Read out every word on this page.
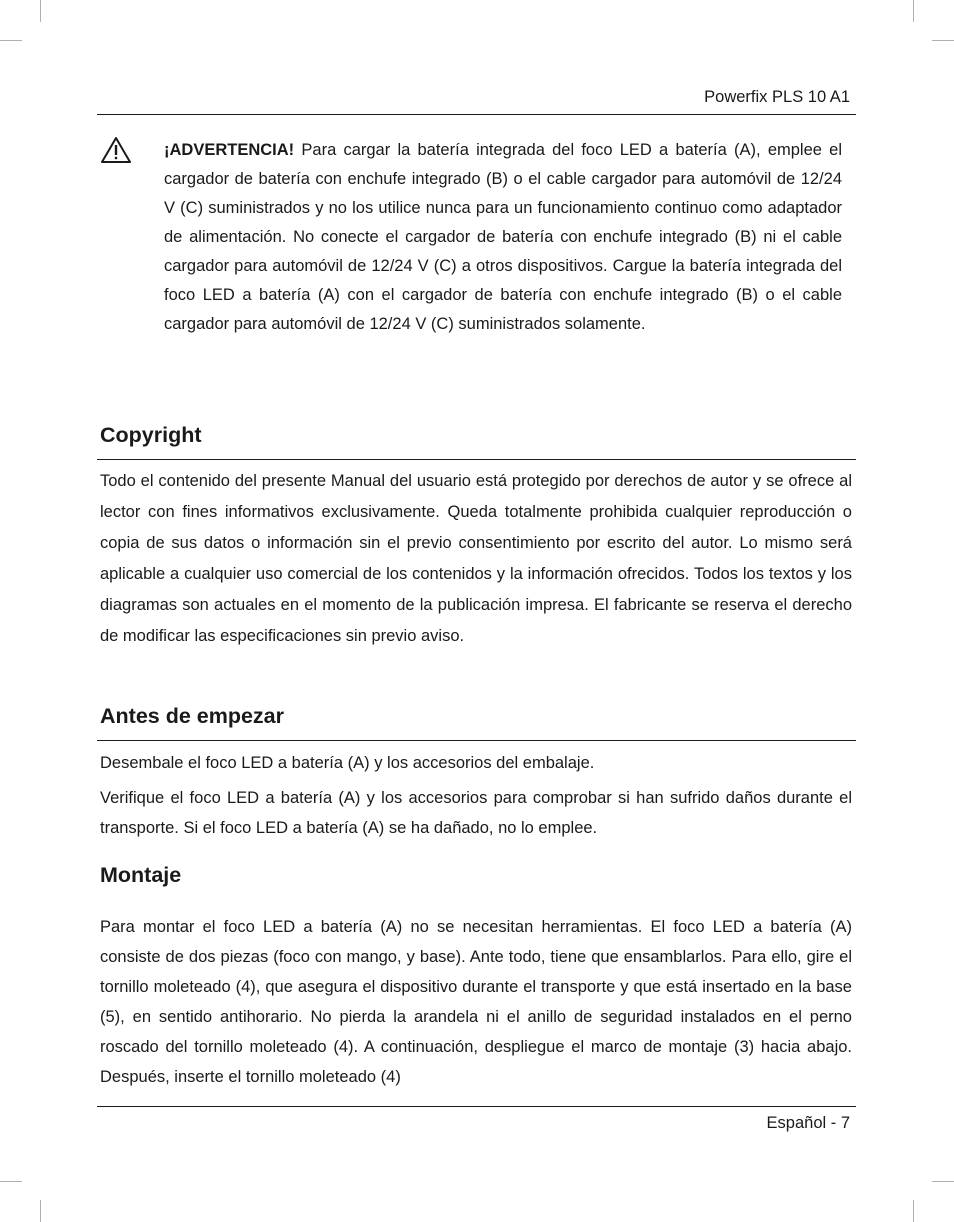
Powerfix PLS 10 A1

¡ADVERTENCIA! Para cargar la batería integrada del foco LED a batería (A), emplee el cargador de batería con enchufe integrado (B) o el cable cargador para automóvil de 12/24 V (C) suministrados y no los utilice nunca para un funcionamiento continuo como adaptador de alimentación. No conecte el cargador de batería con enchufe integrado (B) ni el cable cargador para automóvil de 12/24 V (C) a otros dispositivos. Cargue la batería integrada del foco LED a batería (A) con el cargador de batería con enchufe integrado (B) o el cable cargador para automóvil de 12/24 V (C) suministrados solamente.

Copyright

Todo el contenido del presente Manual del usuario está protegido por derechos de autor y se ofrece al lector con fines informativos exclusivamente. Queda totalmente prohibida cualquier reproducción o copia de sus datos o información sin el previo consentimiento por escrito del autor. Lo mismo será aplicable a cualquier uso comercial de los contenidos y la información ofrecidos. Todos los textos y los diagramas son actuales en el momento de la publicación impresa. El fabricante se reserva el derecho de modificar las especificaciones sin previo aviso.

Antes de empezar

Desembale el foco LED a batería (A) y los accesorios del embalaje.

Verifique el foco LED a batería (A) y los accesorios para comprobar si han sufrido daños durante el transporte. Si el foco LED a batería (A) se ha dañado, no lo emplee.

Montaje

Para montar el foco LED a batería (A) no se necesitan herramientas. El foco LED a batería (A) consiste de dos piezas (foco con mango, y base). Ante todo, tiene que ensamblarlos. Para ello, gire el tornillo moleteado (4), que asegura el dispositivo durante el transporte y que está insertado en la base (5), en sentido antihorario. No pierda la arandela ni el anillo de seguridad instalados en el perno roscado del tornillo moleteado (4). A continuación, despliegue el marco de montaje (3) hacia abajo. Después, inserte el tornillo moleteado (4)

Español - 7
